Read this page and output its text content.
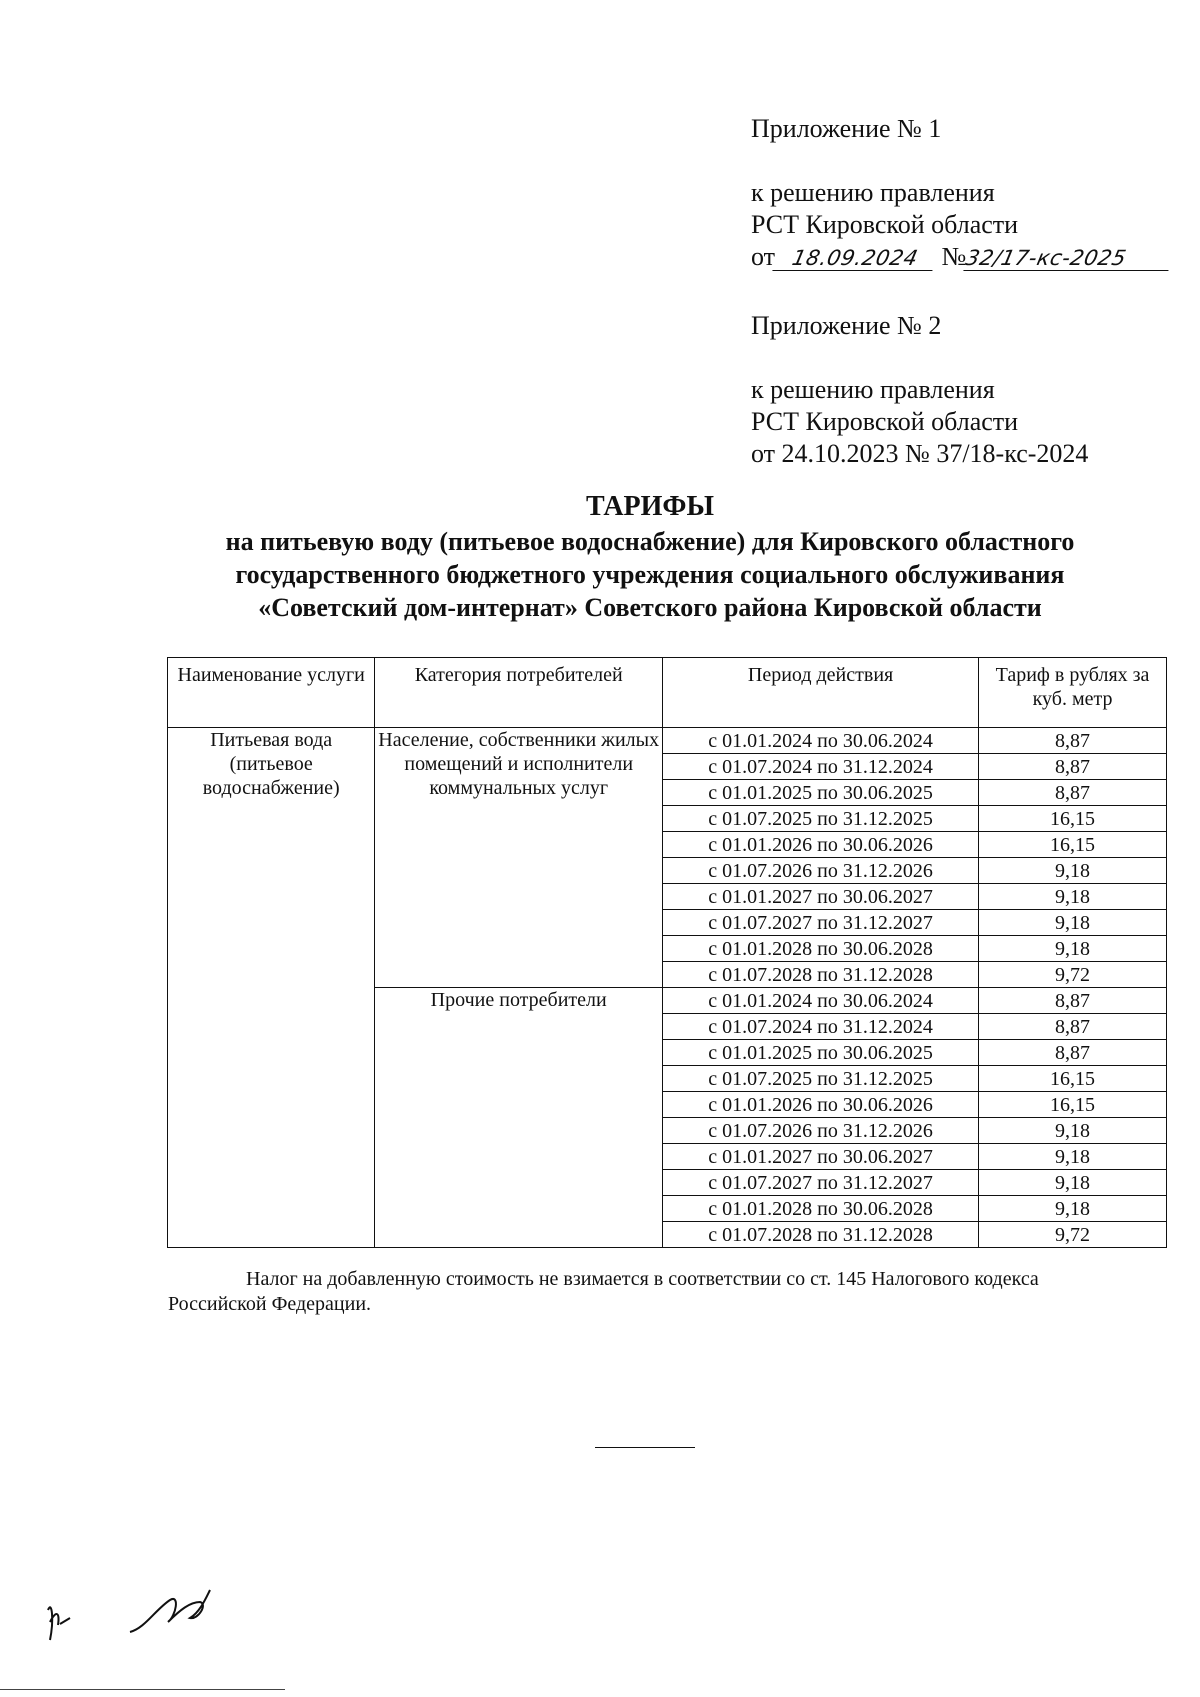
Приложение № 1
к решению правления
РСТ Кировской области
от 18.09.2024 №32/17-кс-2025
Приложение № 2
к решению правления
РСТ Кировской области
от 24.10.2023 № 37/18-кс-2024
ТАРИФЫ
на питьевую воду (питьевое водоснабжение) для Кировского областного
государственного бюджетного учреждения социального обслуживания
«Советский дом-интернат» Советского района Кировской области
Наименование услуги	Категория потребителей	Период действия	Тариф в рублях за куб. метр
Питьевая вода (питьевое водоснабжение)	Население, собственники жилых помещений и исполнители коммунальных услуг	с 01.01.2024 по 30.06.2024	8,87
		с 01.07.2024 по 31.12.2024	8,87
		с 01.01.2025 по 30.06.2025	8,87
		с 01.07.2025 по 31.12.2025	16,15
		с 01.01.2026 по 30.06.2026	16,15
		с 01.07.2026 по 31.12.2026	9,18
		с 01.01.2027 по 30.06.2027	9,18
		с 01.07.2027 по 31.12.2027	9,18
		с 01.01.2028 по 30.06.2028	9,18
		с 01.07.2028 по 31.12.2028	9,72
	Прочие потребители	с 01.01.2024 по 30.06.2024	8,87
		с 01.07.2024 по 31.12.2024	8,87
		с 01.01.2025 по 30.06.2025	8,87
		с 01.07.2025 по 31.12.2025	16,15
		с 01.01.2026 по 30.06.2026	16,15
		с 01.07.2026 по 31.12.2026	9,18
		с 01.01.2027 по 30.06.2027	9,18
		с 01.07.2027 по 31.12.2027	9,18
		с 01.01.2028 по 30.06.2028	9,18
		с 01.07.2028 по 31.12.2028	9,72
Налог на добавленную стоимость не взимается в соответствии со ст. 145 Налогового кодекса Российской Федерации.
